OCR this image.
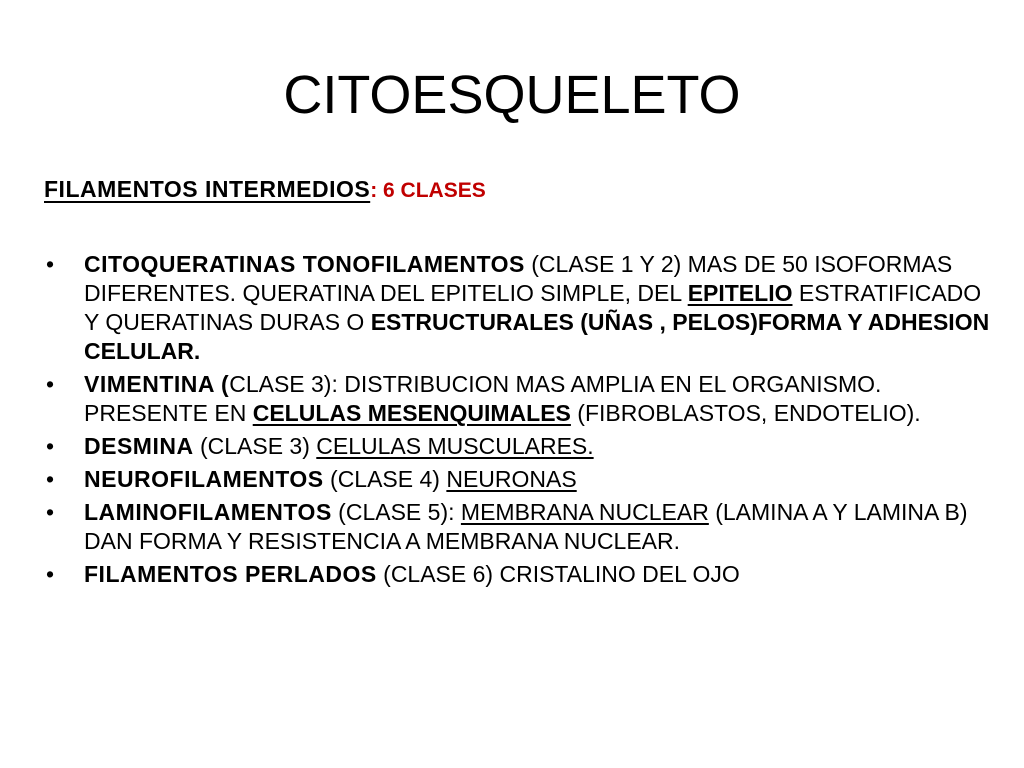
CITOESQUELETO
FILAMENTOS INTERMEDIOS: 6 CLASES
• CITOQUERATINAS TONOFILAMENTOS (CLASE 1 Y 2) MAS DE 50 ISOFORMAS DIFERENTES. QUERATINA DEL EPITELIO SIMPLE, DEL EPITELIO ESTRATIFICADO Y QUERATINAS DURAS O ESTRUCTURALES (UÑAS , PELOS)FORMA Y ADHESION CELULAR.
• VIMENTINA (CLASE 3): DISTRIBUCION MAS AMPLIA EN EL ORGANISMO. PRESENTE EN CELULAS MESENQUIMALES (FIBROBLASTOS, ENDOTELIO).
• DESMINA (CLASE 3) CELULAS MUSCULARES.
• NEUROFILAMENTOS (CLASE 4) NEURONAS
• LAMINOFILAMENTOS (CLASE 5): MEMBRANA NUCLEAR (LAMINA A Y LAMINA B) DAN FORMA Y RESISTENCIA A MEMBRANA NUCLEAR.
• FILAMENTOS PERLADOS (CLASE 6) CRISTALINO DEL OJO
